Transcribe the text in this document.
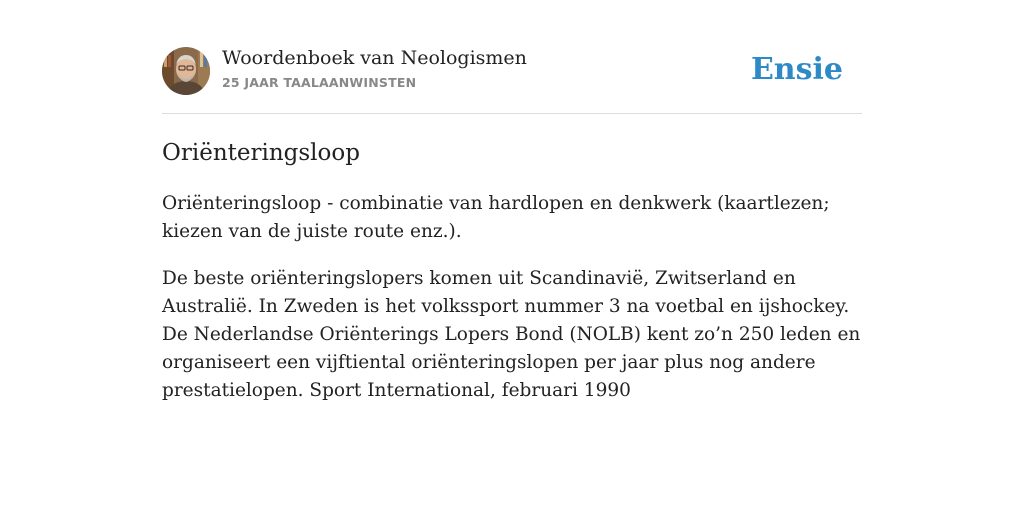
Woordenboek van Neologismen
25 JAAR TAALAANWINSTEN	Ensie
Oriënteringsloop

Oriënteringsloop - combinatie van hardlopen en denkwerk (kaartlezen; kiezen van de juiste route enz.).

De beste oriënteringslopers komen uit Scandinavië, Zwitserland en Australië. In Zweden is het volkssport nummer 3 na voetbal en ijshockey. De Nederlandse Oriënterings Lopers Bond (NOLB) kent zo’n 250 leden en organiseert een vijftiental oriënteringslopen per jaar plus nog andere prestatielopen. Sport International, februari 1990
